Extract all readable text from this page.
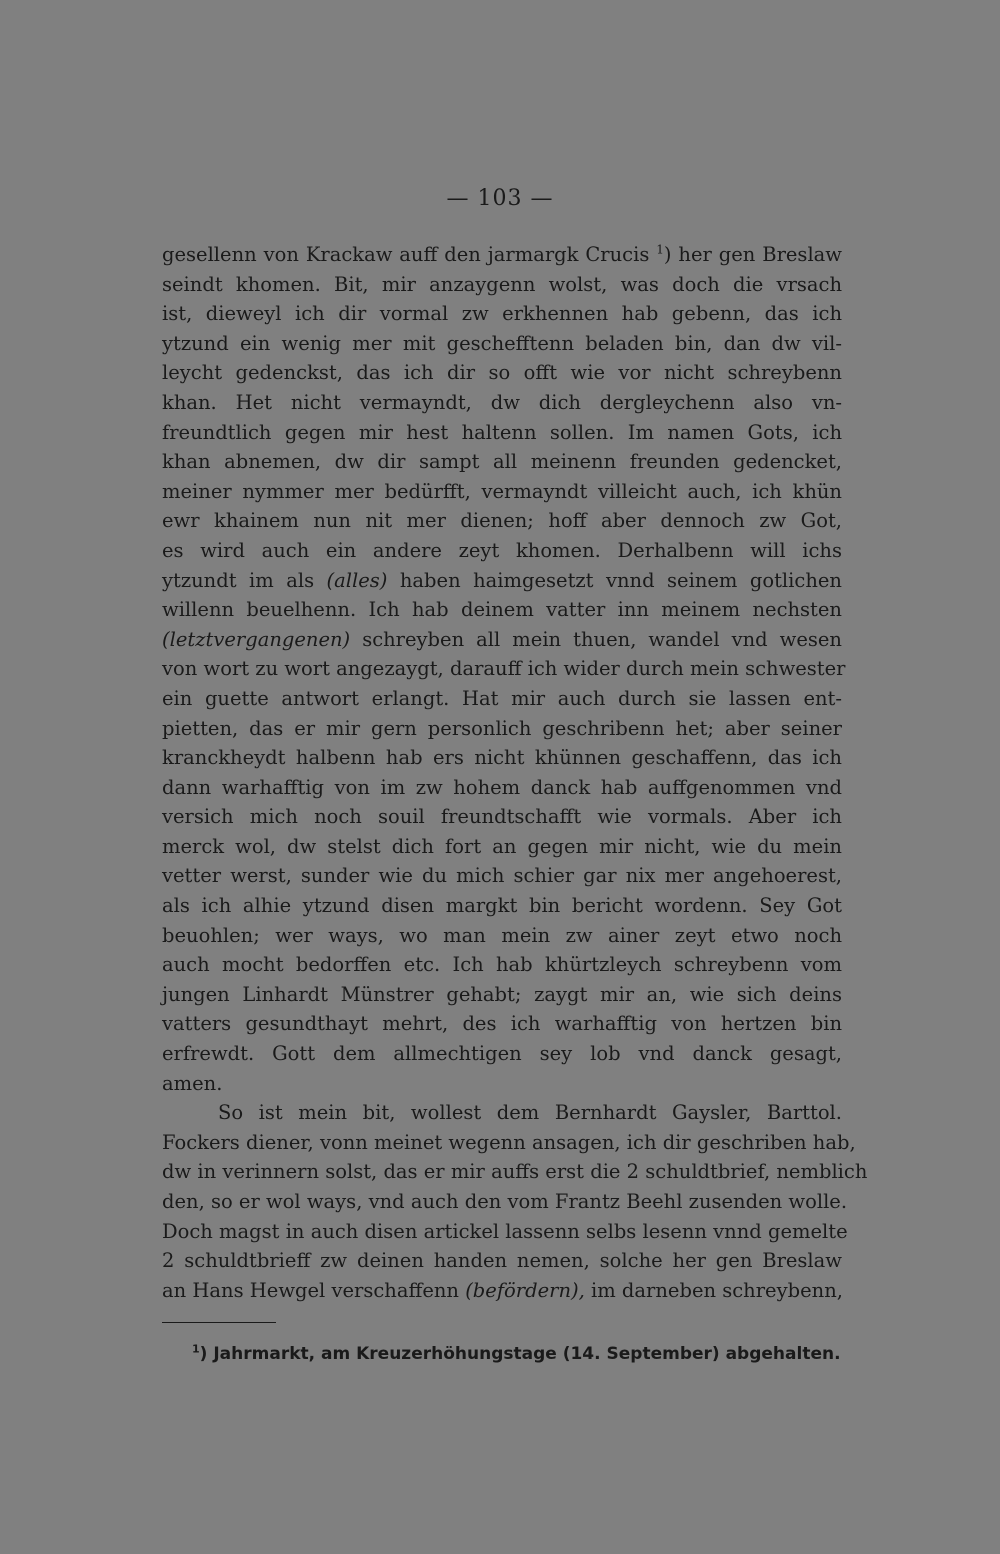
— 103 —
gesellenn von Krackaw auff den jarmargk Crucis $^1$) her gen Breslaw
seindt khomen. Bit, mir anzaygenn wolst, was doch die vrsach
ist, dieweyl ich dir vormal zw erkhennen hab gebenn, das ich
ytzund ein wenig mer mit geschefftenn beladen bin, dan dw vil-
leycht gedenckst, das ich dir so offt wie vor nicht schreybenn
khan. Het nicht vermayndt, dw dich dergleychenn also vn-
freundtlich gegen mir hest haltenn sollen. Im namen Gots, ich
khan abnemen, dw dir sampt all meinenn freunden gedencket,
meiner nymmer mer bedürfft, vermayndt villeicht auch, ich khün
ewr khainem nun nit mer dienen; hoff aber dennoch zw Got,
es wird auch ein andere zeyt khomen. Derhalbenn will ichs
ytzundt im als (alles) haben haimgesetzt vnnd seinem gotlichen
willenn beuelhenn. Ich hab deinem vatter inn meinem nechsten
(letztvergangenen) schreyben all mein thuen, wandel vnd wesen
von wort zu wort angezaygt, darauff ich wider durch mein schwester
ein guette antwort erlangt. Hat mir auch durch sie lassen ent-
pietten, das er mir gern personlich geschribenn het; aber seiner
kranckheydt halbenn hab ers nicht khünnen geschaffenn, das ich
dann warhafftig von im zw hohem danck hab auffgenommen vnd
versich mich noch souil freundtschafft wie vormals. Aber ich
merck wol, dw stelst dich fort an gegen mir nicht, wie du mein
vetter werst, sunder wie du mich schier gar nix mer angehoerest,
als ich alhie ytzund disen margkt bin bericht wordenn. Sey Got
beuohlen; wer ways, wo man mein zw ainer zeyt etwo noch
auch mocht bedorffen etc. Ich hab khürtzleych schreybenn vom
jungen Linhardt Münstrer gehabt; zaygt mir an, wie sich deins
vatters gesundthayt mehrt, des ich warhafftig von hertzen bin
erfrewdt. Gott dem allmechtigen sey lob vnd danck gesagt,
amen.
So ist mein bit, wollest dem Bernhardt Gaysler, Barttol.
Fockers diener, vonn meinet wegenn ansagen, ich dir geschriben hab,
dw in verinnern solst, das er mir auffs erst die 2 schuldtbrief, nemblich
den, so er wol ways, vnd auch den vom Frantz Beehl zusenden wolle.
Doch magst in auch disen artickel lassenn selbs lesenn vnnd gemelte
2 schuldtbrieff zw deinen handen nemen, solche her gen Breslaw
an Hans Hewgel verschaffenn (befördern), im darneben schreybenn,
$^1$) Jahrmarkt, am Kreuzerhöhungstage (14. September) abgehalten.
